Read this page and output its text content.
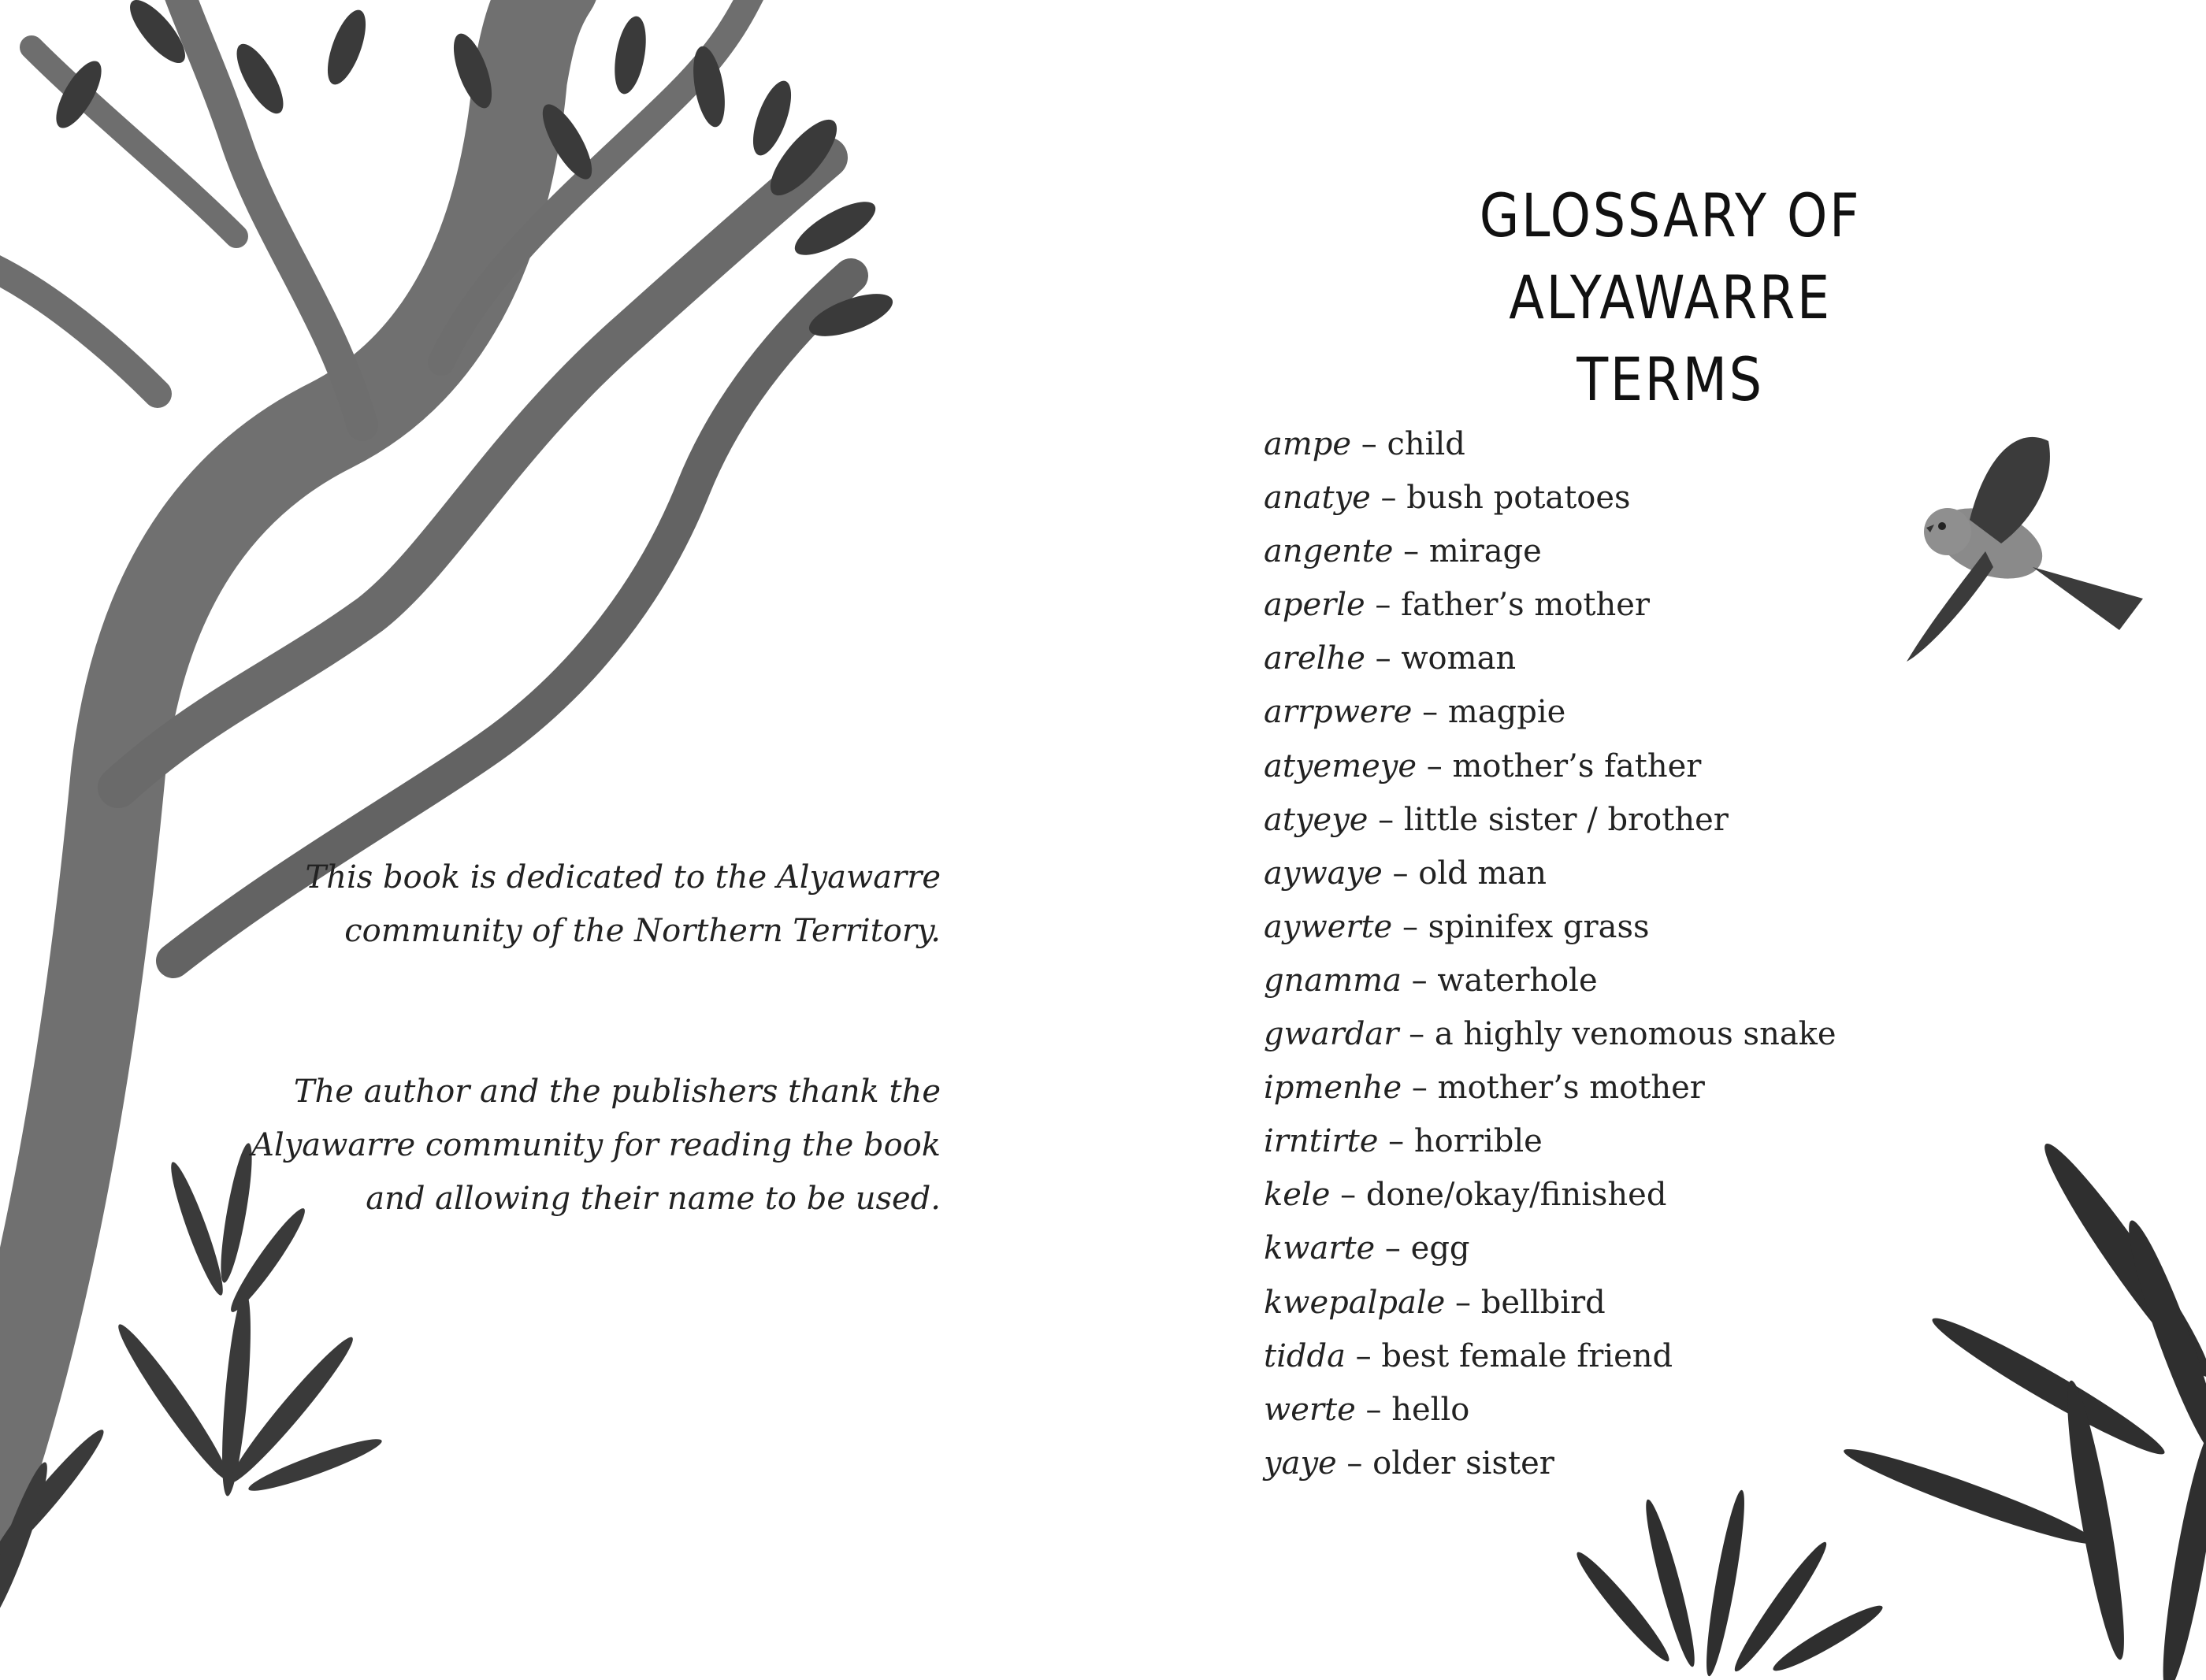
This book is dedicated to the Alyawarre community of the Northern Territory.

The author and the publishers thank the Alyawarre community for reading the book and allowing their name to be used.

GLOSSARY OF
ALYAWARRE TERMS
ampe – child
anatye – bush potatoes
angente – mirage
aperle – father’s mother
arelhe – woman
arrpwere – magpie
atyemeye – mother’s father
atyeye – little sister / brother
aywaye – old man
aywerte – spinifex grass
gnamma – waterhole
gwardar – a highly venomous snake
ipmenhe – mother’s mother
irntirte – horrible
kele – done/okay/finished
kwarte – egg
kwepalpale – bellbird
tidda – best female friend
werte – hello
yaye – older sister
